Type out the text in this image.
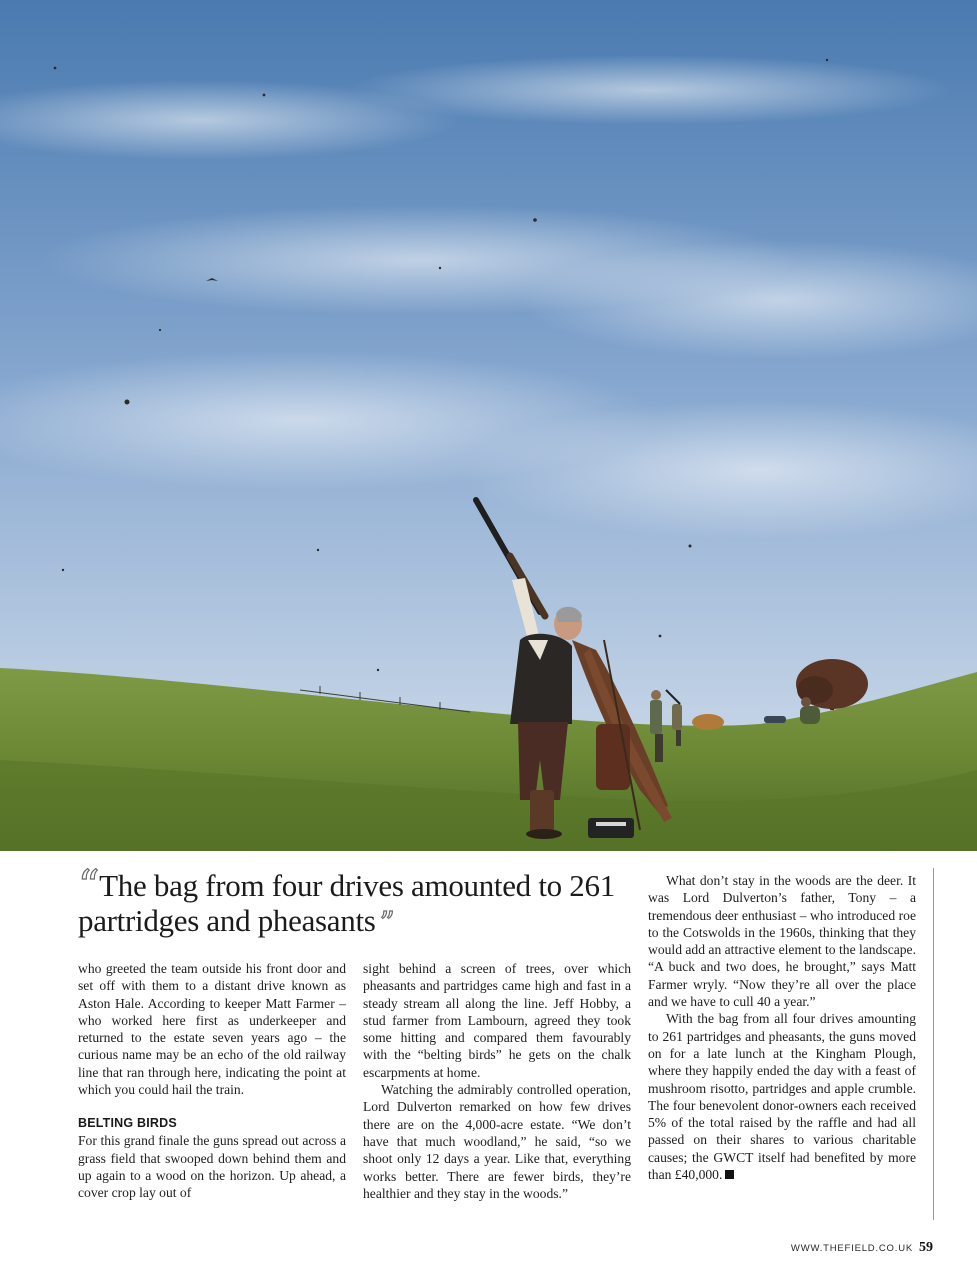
“The bag from four drives amounted to 261 partridges and pheasants ”

who greeted the team outside his front door and set off with them to a distant drive known as Aston Hale. According to keeper Matt Farmer – who worked here first as underkeeper and returned to the estate seven years ago – the curious name may be an echo of the old railway line that ran through here, indicating the point at which you could hail the train.

BELTING BIRDS

For this grand finale the guns spread out across a grass field that swooped down behind them and up again to a wood on the horizon. Up ahead, a cover crop lay out of

sight behind a screen of trees, over which pheasants and partridges came high and fast in a steady stream all along the line. Jeff Hobby, a stud farmer from Lambourn, agreed they took some hitting and compared them favourably with the “belting birds” he gets on the chalk escarpments at home.

Watching the admirably controlled operation, Lord Dulverton remarked on how few drives there are on the 4,000-acre estate. “We don’t have that much woodland,” he said, “so we shoot only 12 days a year. Like that, everything works better. There are fewer birds, they’re healthier and they stay in the woods.”

What don’t stay in the woods are the deer. It was Lord Dulverton’s father, Tony – a tremendous deer enthusiast – who introduced roe to the Cotswolds in the 1960s, thinking that they would add an attractive element to the landscape. “A buck and two does, he brought,” says Matt Farmer wryly. “Now they’re all over the place and we have to cull 40 a year.”

With the bag from all four drives amounting to 261 partridges and pheasants, the guns moved on for a late lunch at the Kingham Plough, where they happily ended the day with a feast of mushroom risotto, partridges and apple crumble. The four benevolent donor-owners each received 5% of the total raised by the raffle and had all passed on their shares to various charitable causes; the GWCT itself had benefited by more than £40,000.

WWW.THEFIELD.CO.UK 59
